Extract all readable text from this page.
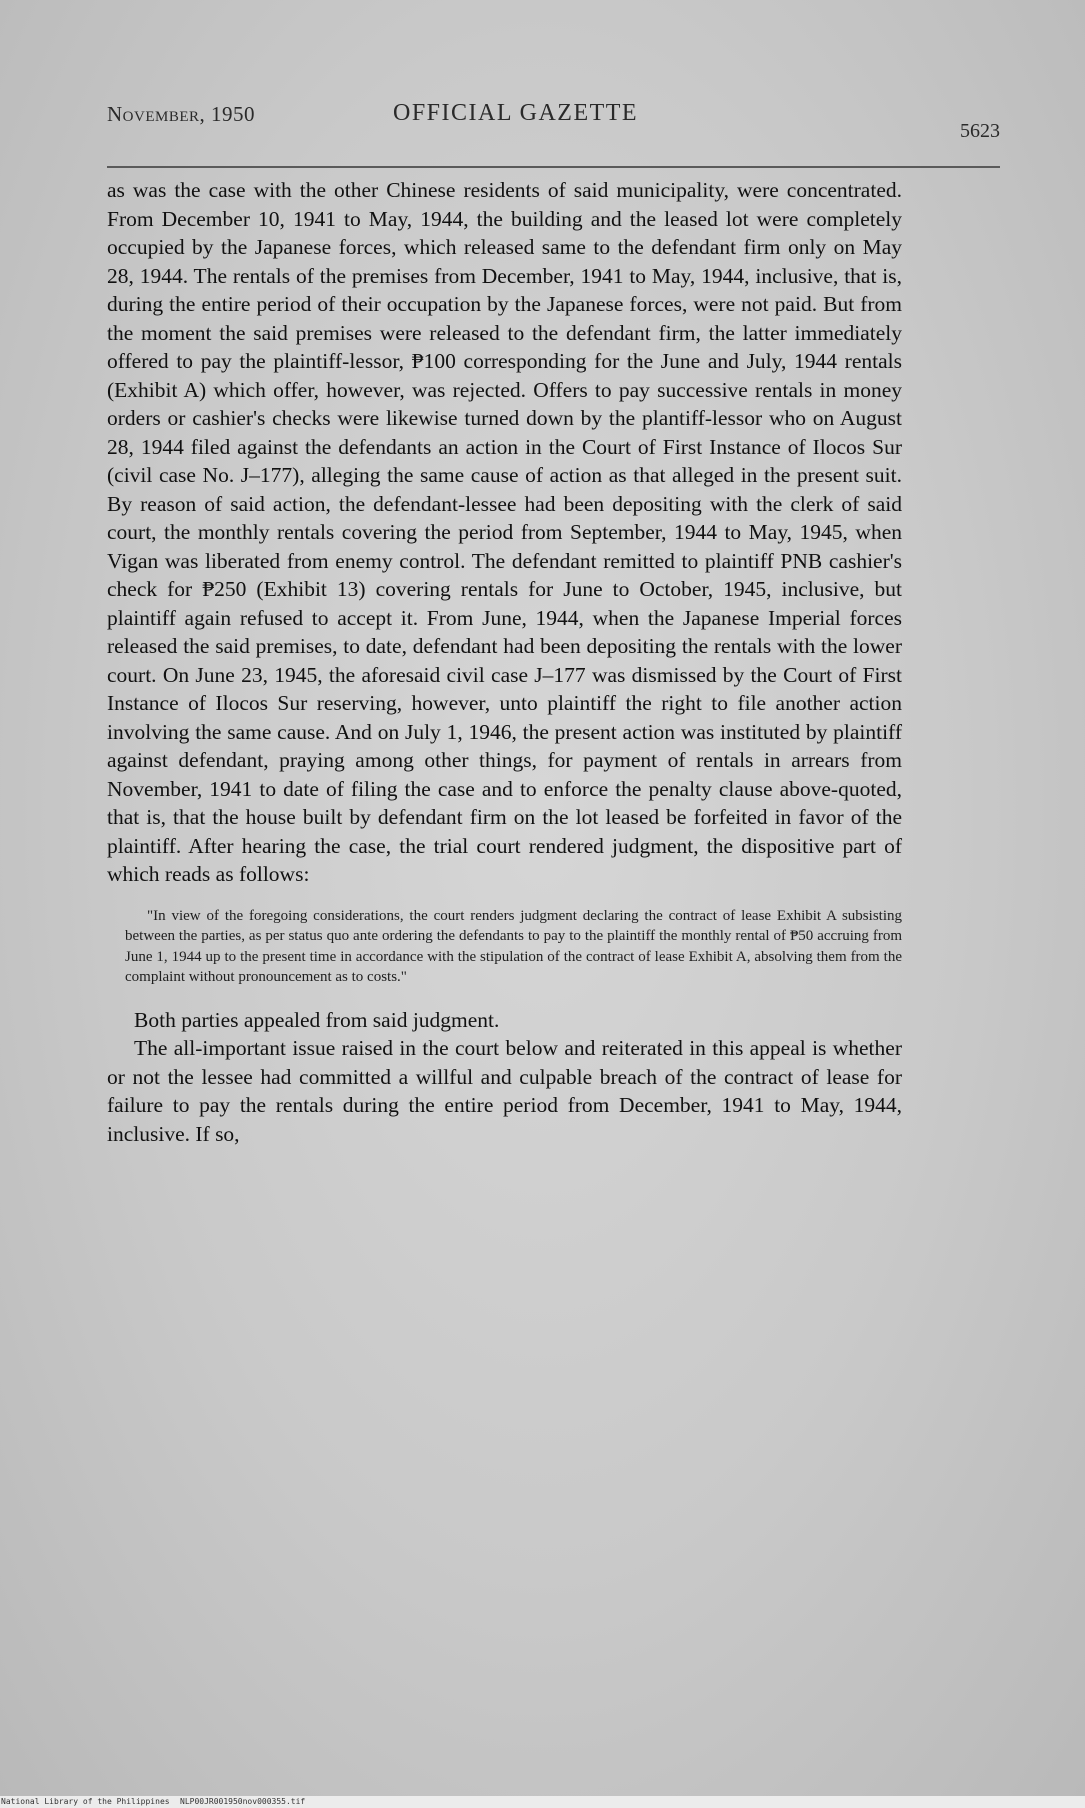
November, 1950	OFFICIAL GAZETTE
5623

as was the case with the other Chinese residents of said municipality, were concentrated. From December 10, 1941 to May, 1944, the building and the leased lot were completely occupied by the Japanese forces, which released same to the defendant firm only on May 28, 1944. The rentals of the premises from December, 1941 to May, 1944, inclusive, that is, during the entire period of their occupation by the Japanese forces, were not paid. But from the moment the said premises were released to the defendant firm, the latter immediately offered to pay the plaintiff-lessor, ₱100 corresponding for the June and July, 1944 rentals (Exhibit A) which offer, however, was rejected. Offers to pay successive rentals in money orders or cashier's checks were likewise turned down by the plantiff-lessor who on August 28, 1944 filed against the defendants an action in the Court of First Instance of Ilocos Sur (civil case No. J–177), alleging the same cause of action as that alleged in the present suit. By reason of said action, the defendant-lessee had been depositing with the clerk of said court, the monthly rentals covering the period from September, 1944 to May, 1945, when Vigan was liberated from enemy control. The defendant remitted to plaintiff PNB cashier's check for ₱250 (Exhibit 13) covering rentals for June to October, 1945, inclusive, but plaintiff again refused to accept it. From June, 1944, when the Japanese Imperial forces released the said premises, to date, defendant had been depositing the rentals with the lower court. On June 23, 1945, the aforesaid civil case J–177 was dismissed by the Court of First Instance of Ilocos Sur reserving, however, unto plaintiff the right to file another action involving the same cause. And on July 1, 1946, the present action was instituted by plaintiff against defendant, praying among other things, for payment of rentals in arrears from November, 1941 to date of filing the case and to enforce the penalty clause above-quoted, that is, that the house built by defendant firm on the lot leased be forfeited in favor of the plaintiff. After hearing the case, the trial court rendered judgment, the dispositive part of which reads as follows:

"In view of the foregoing considerations, the court renders judgment declaring the contract of lease Exhibit A subsisting between the parties, as per status quo ante ordering the defendants to pay to the plaintiff the monthly rental of ₱50 accruing from June 1, 1944 up to the present time in accordance with the stipulation of the contract of lease Exhibit A, absolving them from the complaint without pronouncement as to costs."

Both parties appealed from said judgment.

The all-important issue raised in the court below and reiterated in this appeal is whether or not the lessee had committed a willful and culpable breach of the contract of lease for failure to pay the rentals during the entire period from December, 1941 to May, 1944, inclusive. If so,

National Library of the Philippines NLP00JR001950nov000355.tif
